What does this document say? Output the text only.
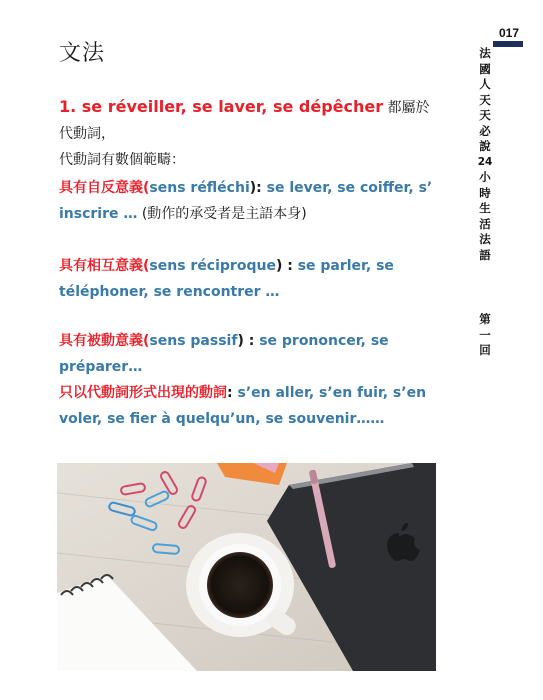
文法
017
法
國
人
天
天
必
說
24
小
時
生
活
法
語
第
一
回
1. se réveiller, se laver, se dépêcher 都屬於代動詞，
代動詞有數個範疇：
具有自反意義(sens réfléchi): se lever, se coiffer, s’ inscrire … (動作的承受者是主語本身)
具有相互意義(sens réciproque) : se parler, se téléphoner, se rencontrer …
具有被動意義(sens passif) : se prononcer, se préparer…
只以代動詞形式出現的動詞: s’en aller, s’en fuir, s’en voler, se fier à quelqu’un, se souvenir……
